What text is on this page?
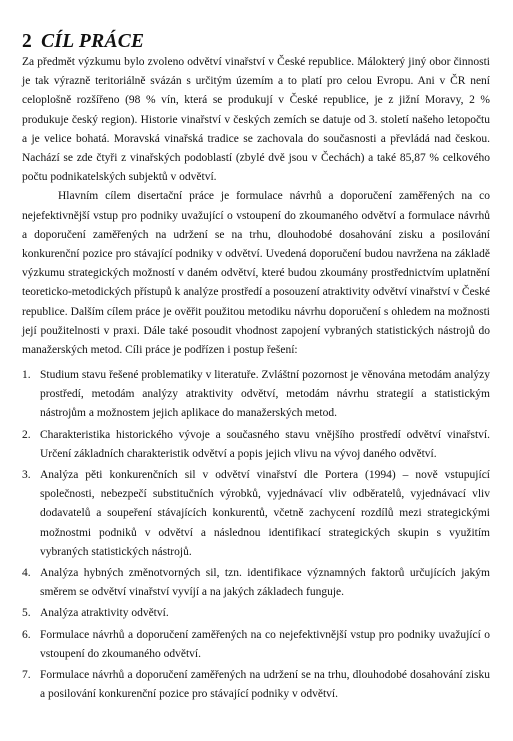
2 CÍL PRÁCE

Za předmět výzkumu bylo zvoleno odvětví vinařství v České republice. Málokterý jiný obor činnosti je tak výrazně teritoriálně svázán s určitým územím a to platí pro celou Evropu. Ani v ČR není celoplošně rozšířeno (98 % vín, která se produkují v České republice, je z jižní Moravy, 2 % produkuje český region). Historie vinařství v českých zemích se datuje od 3. století našeho letopočtu a je velice bohatá. Moravská vinařská tradice se zachovala do současnosti a převládá nad českou. Nachází se zde čtyři z vinařských podoblastí (zbylé dvě jsou v Čechách) a také 85,87 % celkového počtu podnikatelských subjektů v odvětví.

Hlavním cílem disertační práce je formulace návrhů a doporučení zaměřených na co nejefektivnější vstup pro podniky uvažující o vstoupení do zkoumaného odvětví a formulace návrhů a doporučení zaměřených na udržení se na trhu, dlouhodobé dosahování zisku a posilování konkurenční pozice pro stávající podniky v odvětví. Uvedená doporučení budou navržena na základě výzkumu strategických možností v daném odvětví, které budou zkoumány prostřednictvím uplatnění teoreticko-metodických přístupů k analýze prostředí a posouzení atraktivity odvětví vinařství v České republice. Dalším cílem práce je ověřit použitou metodiku návrhu doporučení s ohledem na možnosti její použitelnosti v praxi. Dále také posoudit vhodnost zapojení vybraných statistických nástrojů do manažerských metod. Cíli práce je podřízen i postup řešení:

1. Studium stavu řešené problematiky v literatuře. Zvláštní pozornost je věnována metodám analýzy prostředí, metodám analýzy atraktivity odvětví, metodám návrhu strategií a statistickým nástrojům a možnostem jejich aplikace do manažerských metod.
2. Charakteristika historického vývoje a současného stavu vnějšího prostředí odvětví vinařství. Určení základních charakteristik odvětví a popis jejich vlivu na vývoj daného odvětví.
3. Analýza pěti konkurenčních sil v odvětví vinařství dle Portera (1994) – nově vstupující společnosti, nebezpečí substitučních výrobků, vyjednávací vliv odběratelů, vyjednávací vliv dodavatelů a soupeření stávajících konkurentů, včetně zachycení rozdílů mezi strategickými možnostmi podniků v odvětví a následnou identifikací strategických skupin s využitím vybraných statistických nástrojů.
4. Analýza hybných změnotvorných sil, tzn. identifikace významných faktorů určujících jakým směrem se odvětví vinařství vyvíjí a na jakých základech funguje.
5. Analýza atraktivity odvětví.
6. Formulace návrhů a doporučení zaměřených na co nejefektivnější vstup pro podniky uvažující o vstoupení do zkoumaného odvětví.
7. Formulace návrhů a doporučení zaměřených na udržení se na trhu, dlouhodobé dosahování zisku a posilování konkurenční pozice pro stávající podniky v odvětví.
